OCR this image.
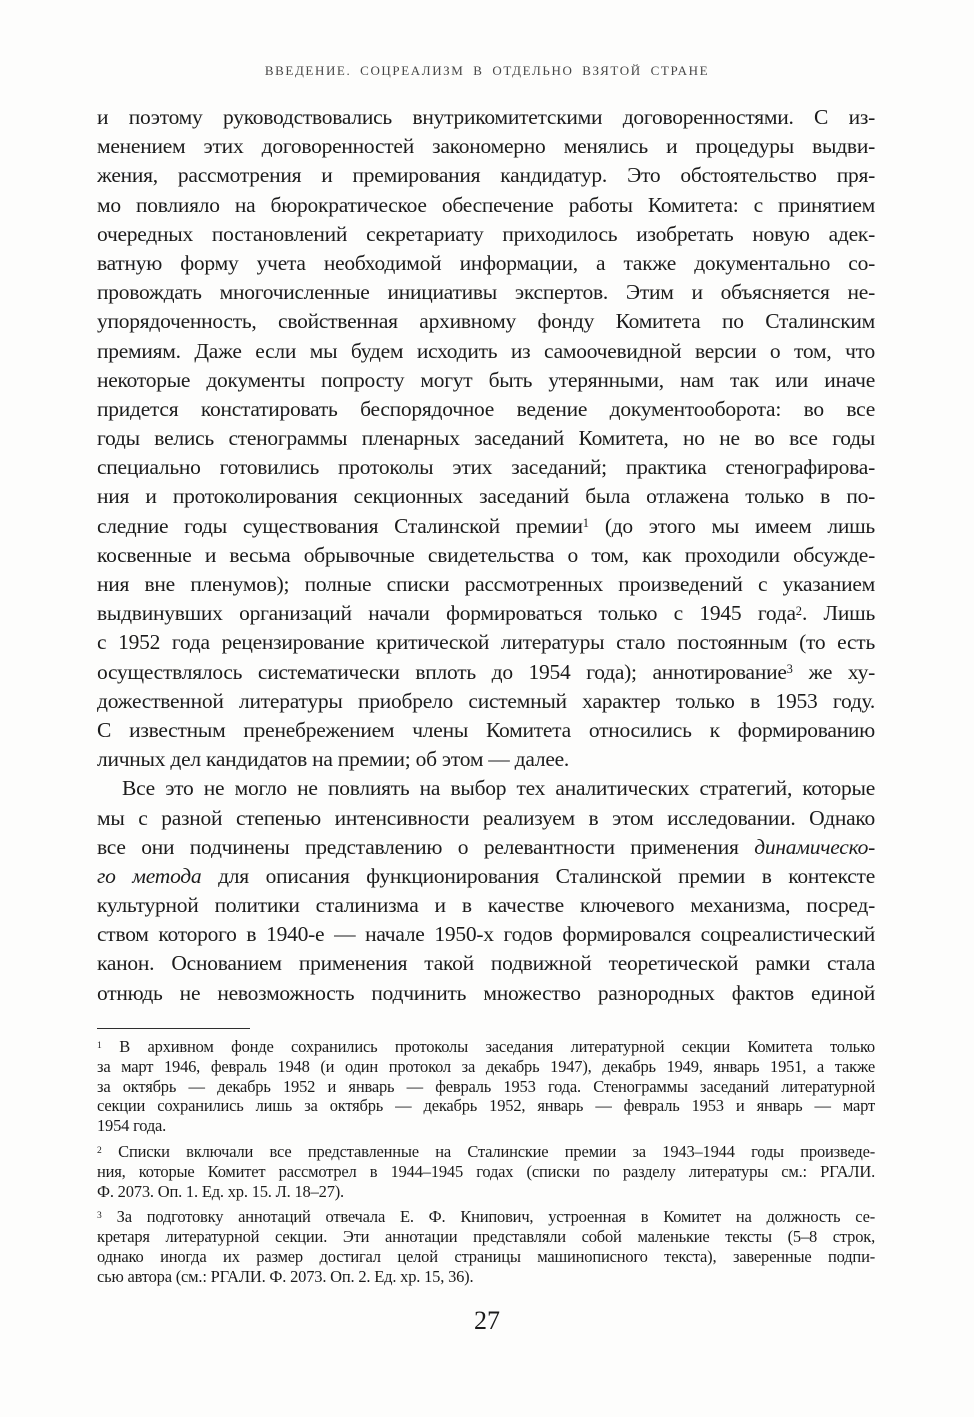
ВВЕДЕНИЕ. СОЦРЕАЛИЗМ В ОТДЕЛЬНО ВЗЯТОЙ СТРАНЕ
и поэтому руководствовались внутрикомитетскими договоренностями. С из-
менением этих договоренностей закономерно менялись и процедуры выдви-
жения, рассмотрения и премирования кандидатур. Это обстоятельство пря-
мо повлияло на бюрократическое обеспечение работы Комитета: с принятием
очередных постановлений секретариату приходилось изобретать новую адек-
ватную форму учета необходимой информации, а также документально со-
провождать многочисленные инициативы экспертов. Этим и объясняется не-
упорядоченность, свойственная архивному фонду Комитета по Сталинским
премиям. Даже если мы будем исходить из самоочевидной версии о том, что
некоторые документы попросту могут быть утерянными, нам так или иначе
придется констатировать беспорядочное ведение документооборота: во все
годы велись стенограммы пленарных заседаний Комитета, но не во все годы
специально готовились протоколы этих заседаний; практика стенографирова-
ния и протоколирования секционных заседаний была отлажена только в по-
следние годы существования Сталинской премии$^1$ (до этого мы имеем лишь
косвенные и весьма обрывочные свидетельства о том, как проходили обсужде-
ния вне пленумов); полные списки рассмотренных произведений с указанием
выдвинувших организаций начали формироваться только с 1945 года$^2$. Лишь
с 1952 года рецензирование критической литературы стало постоянным (то есть
осуществлялось систематически вплоть до 1954 года); аннотирование$^3$ же ху-
дожественной литературы приобрело системный характер только в 1953 году.
С известным пренебрежением члены Комитета относились к формированию
личных дел кандидатов на премии; об этом — далее.
Все это не могло не повлиять на выбор тех аналитических стратегий, которые
мы с разной степенью интенсивности реализуем в этом исследовании. Однако
все они подчинены представлению о релевантности применения динамическо-
го метода для описания функционирования Сталинской премии в контексте
культурной политики сталинизма и в качестве ключевого механизма, посред-
ством которого в 1940-е — начале 1950-х годов формировался соцреалистический
канон. Основанием применения такой подвижной теоретической рамки стала
отнюдь не невозможность подчинить множество разнородных фактов единой
$^1$ В архивном фонде сохранились протоколы заседания литературной секции Комитета только
за март 1946, февраль 1948 (и один протокол за декабрь 1947), декабрь 1949, январь 1951, а также
за октябрь — декабрь 1952 и январь — февраль 1953 года. Стенограммы заседаний литературной
секции сохранились лишь за октябрь — декабрь 1952, январь — февраль 1953 и январь — март
1954 года.
$^2$ Списки включали все представленные на Сталинские премии за 1943–1944 годы произведе-
ния, которые Комитет рассмотрел в 1944–1945 годах (списки по разделу литературы см.: РГАЛИ.
Ф. 2073. Оп. 1. Ед. хр. 15. Л. 18–27).
$^3$ За подготовку аннотаций отвечала Е. Ф. Книпович, устроенная в Комитет на должность се-
кретаря литературной секции. Эти аннотации представляли собой маленькие тексты (5–8 строк,
однако иногда их размер достигал целой страницы машинописного текста), заверенные подпи-
сью автора (см.: РГАЛИ. Ф. 2073. Оп. 2. Ед. хр. 15, 36).
27
